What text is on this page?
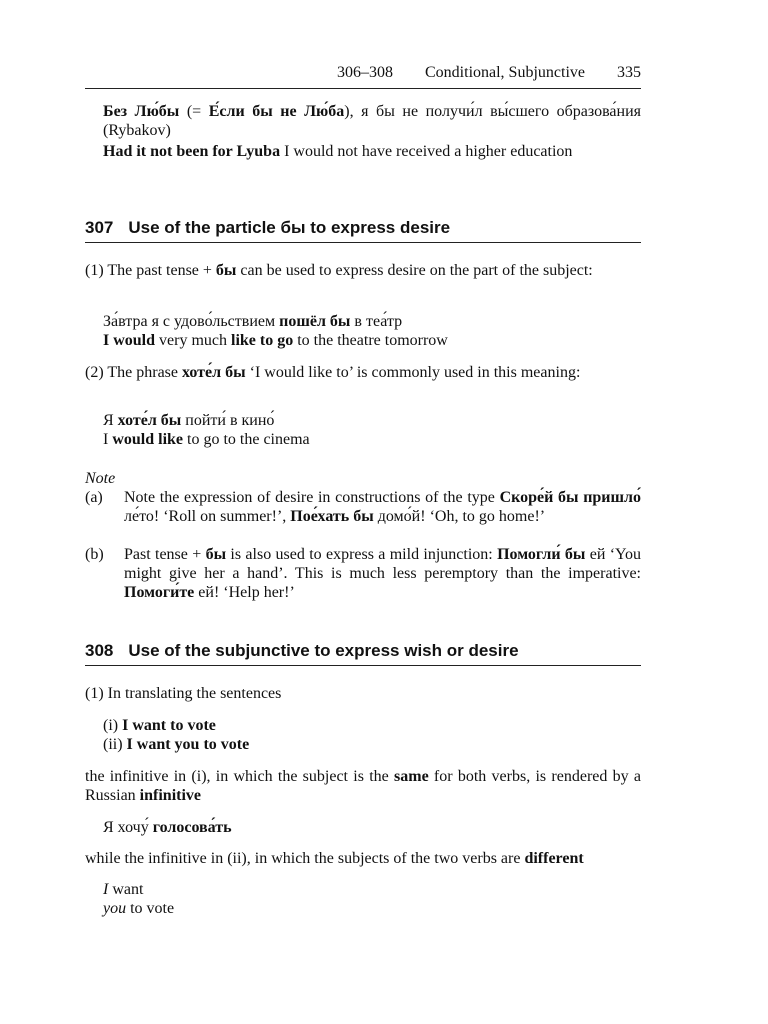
306–308 Conditional, Subjunctive 335
Без Лю́бы (= Е́сли бы не Лю́ба), я бы не получи́л вы́сшего образова́ния (Rybakov)
Had it not been for Lyuba I would not have received a higher education
307 Use of the particle бы to express desire
(1) The past tense + бы can be used to express desire on the part of the subject:
За́втра я с удово́льствием пошёл бы в теа́тр
I would very much like to go to the theatre tomorrow
(2) The phrase хоте́л бы ‘I would like to’ is commonly used in this meaning:
Я хоте́л бы пойти́ в кино́
I would like to go to the cinema
Note
(a) Note the expression of desire in constructions of the type Скоре́й бы пришло́ ле́то! ‘Roll on summer!’, Пое́хать бы домо́й! ‘Oh, to go home!’
(b) Past tense + бы is also used to express a mild injunction: Помогли́ бы ей ‘You might give her a hand’. This is much less peremptory than the imperative: Помоги́те ей! ‘Help her!’
308 Use of the subjunctive to express wish or desire
(1) In translating the sentences
(i) I want to vote
(ii) I want you to vote
the infinitive in (i), in which the subject is the same for both verbs, is rendered by a Russian infinitive
Я хочу́ голосова́ть
while the infinitive in (ii), in which the subjects of the two verbs are different
I want
you to vote
